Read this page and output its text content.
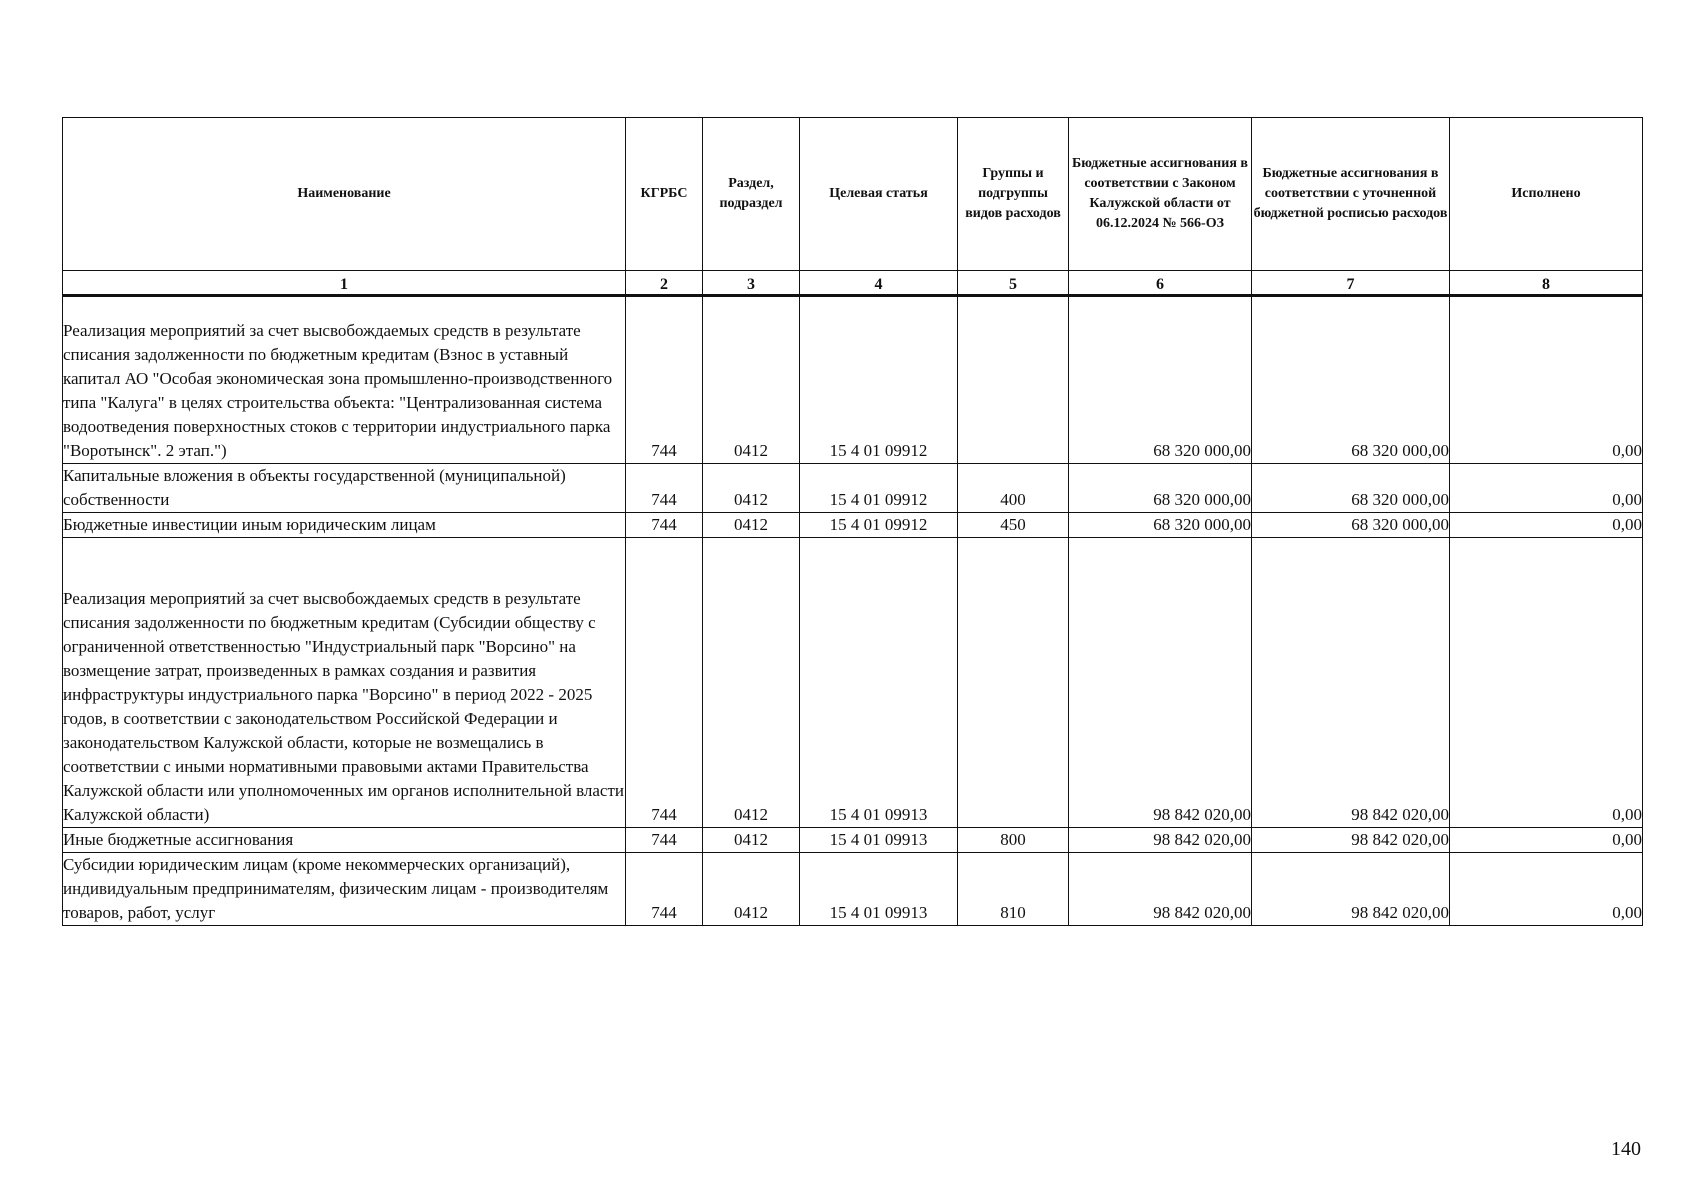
Наименование	КГРБС	Раздел, подраздел	Целевая статья	Группы и подгруппы видов расходов	Бюджетные ассигнования в соответствии с Законом Калужской области от 06.12.2024 № 566-ОЗ	Бюджетные ассигнования в соответствии с уточненной бюджетной росписью расходов	Исполнено
1	2	3	4	5	6	7	8
Реализация мероприятий за счет высвобождаемых средств в результате списания задолженности по бюджетным кредитам (Взнос в уставный капитал АО "Особая экономическая зона промышленно-производственного типа "Калуга" в целях строительства объекта: "Централизованная система водоотведения поверхностных стоков с территории индустриального парка "Воротынск". 2 этап.")	744	0412	15 4 01 09912		68 320 000,00	68 320 000,00	0,00
Капитальные вложения в объекты государственной (муниципальной) собственности	744	0412	15 4 01 09912	400	68 320 000,00	68 320 000,00	0,00
Бюджетные инвестиции иным юридическим лицам	744	0412	15 4 01 09912	450	68 320 000,00	68 320 000,00	0,00
Реализация мероприятий за счет высвобождаемых средств в результате списания задолженности по бюджетным кредитам (Субсидии обществу с ограниченной ответственностью "Индустриальный парк "Ворсино" на возмещение затрат, произведенных в рамках создания и развития инфраструктуры индустриального парка "Ворсино" в период 2022 - 2025 годов, в соответствии с законодательством Российской Федерации и законодательством Калужской области, которые не возмещались в соответствии с иными нормативными правовыми актами Правительства Калужской области или уполномоченных им органов исполнительной власти Калужской области)	744	0412	15 4 01 09913		98 842 020,00	98 842 020,00	0,00
Иные бюджетные ассигнования	744	0412	15 4 01 09913	800	98 842 020,00	98 842 020,00	0,00
Субсидии юридическим лицам (кроме некоммерческих организаций), индивидуальным предпринимателям, физическим лицам - производителям товаров, работ, услуг	744	0412	15 4 01 09913	810	98 842 020,00	98 842 020,00	0,00
140
